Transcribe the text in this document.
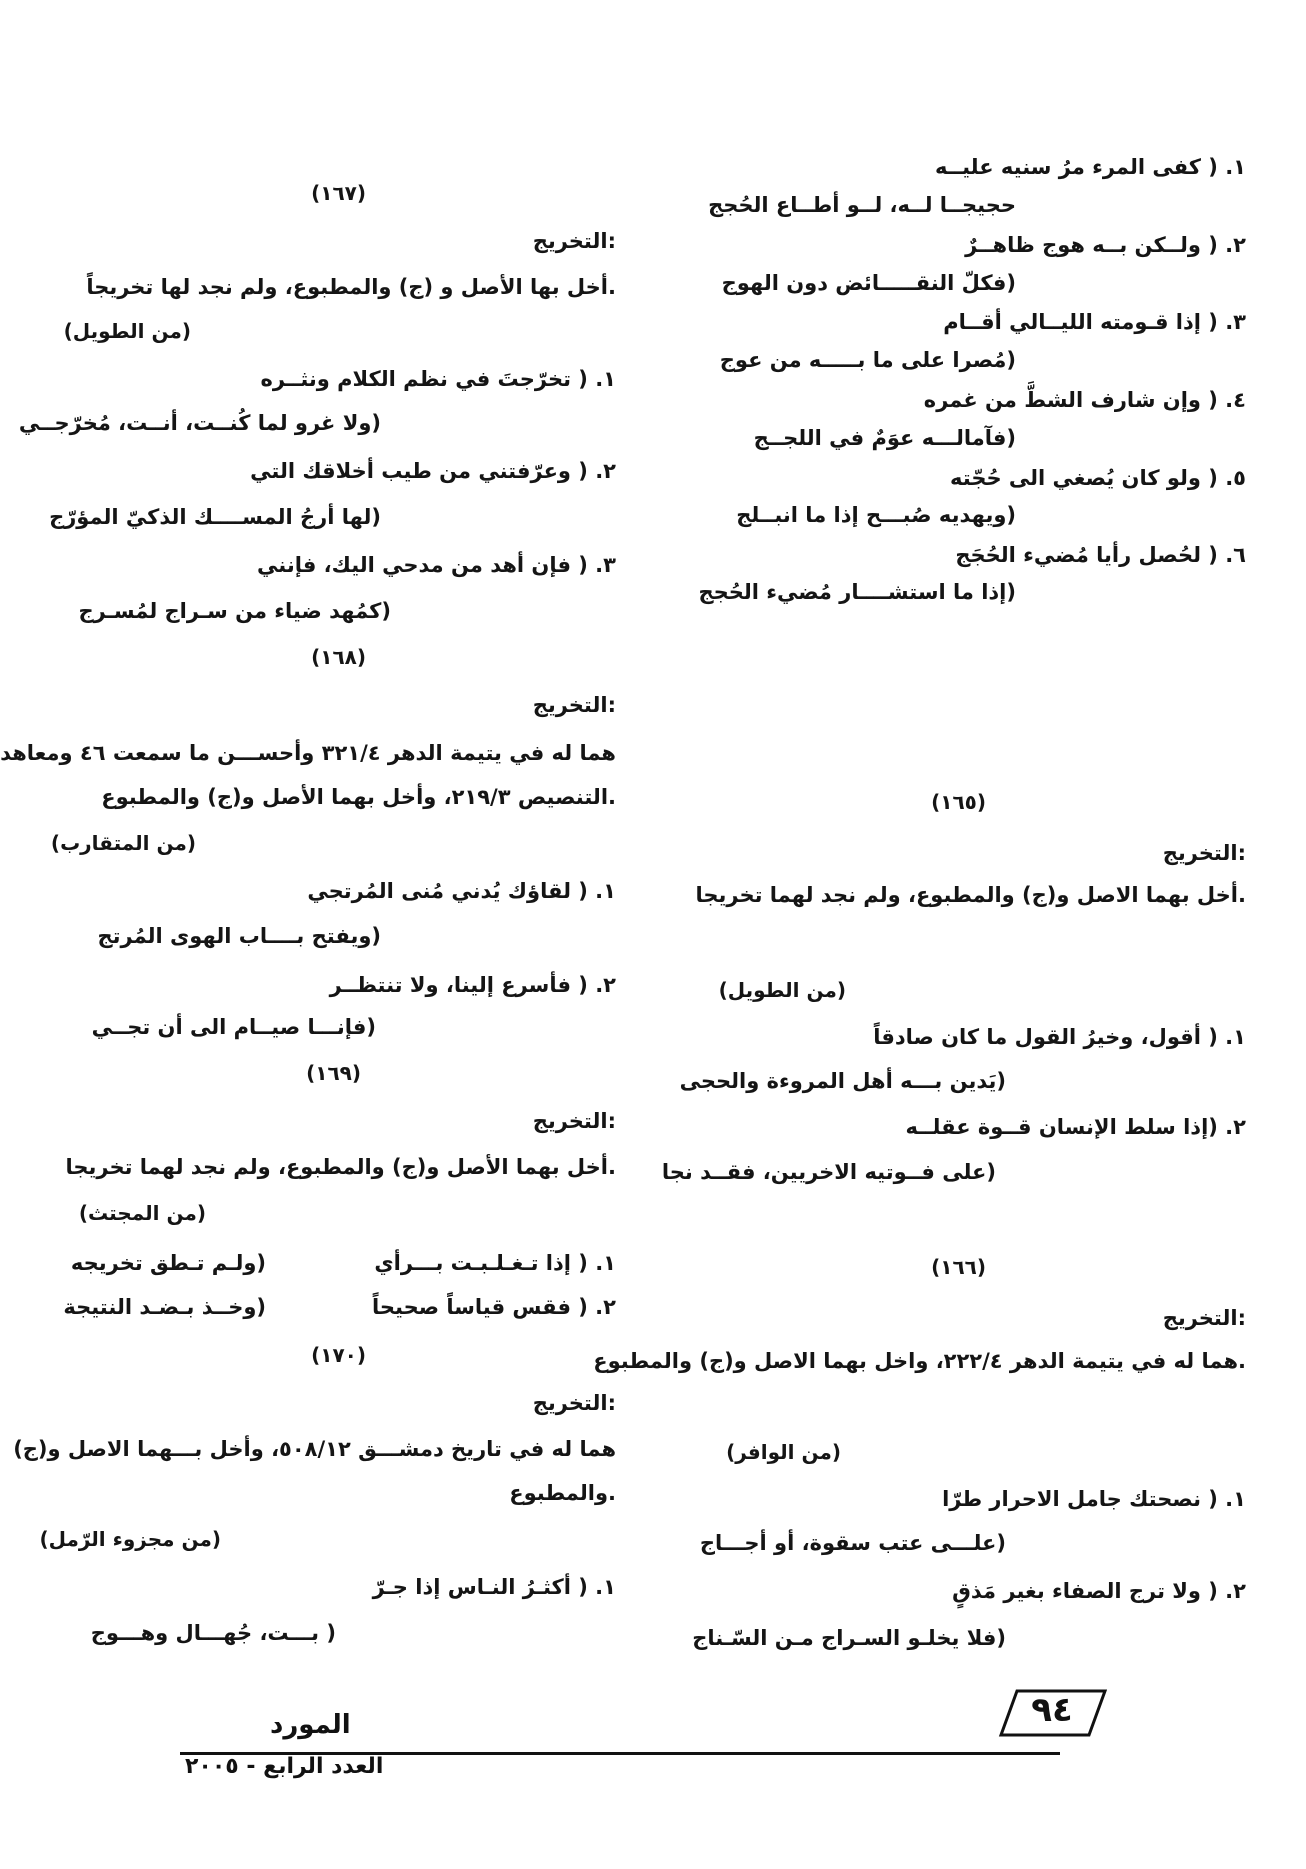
١. ( كفى المرء مرُ سنيه عليــه
حجيجــا لــه، لــو أطــاع الحُجج
٢. ( ولــكن بــه هوج ظاهــرٌ
فكلّ النقـــــائض دون الهوج)
٣. ( إذا قـومته الليــالي أقــام
مُصرا على ما بـــــه من عوج)
٤. ( وإن شارف الشطَّ من غمره
فآمالـــه عوَمٌ في اللجــج)
٥. ( ولو كان يُصغي الى حُجّته
ويهديه صُبـــح إذا ما انبــلج)
٦. ( لحُصل رأيا مُضيء الحُجَج
إذا ما استشــــار مُضيء الحُجج)
(١٦٥)
التخريج:
أخل بهما الاصل و(ج) والمطبوع، ولم نجد لهما تخريجا.
(من الطويل)
١. ( أقول، وخيرُ القول ما كان صادقاً
يَدين بـــه أهل المروءة والحجى)
٢. (إذا سلط الإنسان قــوة عقلــه
على فــوتيه الاخريين، فقــد نجا)
(١٦٦)
التخريج:
هما له في يتيمة الدهر ٢٢٢/٤، واخل بهما الاصل و(ج) والمطبوع.
(من الوافر)
١. ( نصحتك جامل الاحرار طرّا
علـــى عتب سقوة، أو أجـــاج)
٢. ( ولا ترج الصفاء بغير مَذقٍ
فلا يخلـو السـراج مـن السّـناج)
(١٦٧)
التخريج:
أخل بها الأصل و (ج) والمطبوع، ولم نجد لها تخريجاً.
(من الطويل)
١. ( تخرّجتَ في نظم الكلام ونثــره
ولا غرو لما كُنــت، أنــت، مُخرّجــي)
٢. ( وعرّفتني من طيب أخلاقك التي
لها أرجُ المســــك الذكيّ المؤرّج)
٣. ( فإن أهد من مدحي اليك، فإنني
كمُهد ضياء من سـراج لمُسـرج)
(١٦٨)
التخريج:
هما له في يتيمة الدهر ٣٢١/٤ وأحســـن ما سمعت ٤٦ ومعاهد
التنصيص ٢١٩/٣، وأخل بهما الأصل و(ج) والمطبوع.
(من المتقارب)
١. ( لقاؤك يُدني مُنى المُرتجي
ويفتح بــــاب الهوى المُرتج)
٢. ( فأسرع إلينا، ولا تنتظــر
فإنـــا صيــام الى أن تجــي)
(١٦٩)
التخريج:
أخل بهما الأصل و(ج) والمطبوع، ولم نجد لهما تخريجا.
(من المجتث)
١. ( إذا تـغـلـبـت بـــرأي
ولـم تـطق تخريجه)
٢. ( فقس قياساً صحيحاً
وخــذ بـضـد النتيجة)
(١٧٠)
التخريج:
هما له في تاريخ دمشـــق ٥٠٨/١٢، وأخل بـــهما الاصل و(ج)
والمطبوع.
(من مجزوء الرّمل)
١. ( أكثـرُ النـاس إذا جـرّ
بـــت، جُهـــال وهـــوج )
المورد
العدد الرابع - ٢٠٠٥
٩٤
